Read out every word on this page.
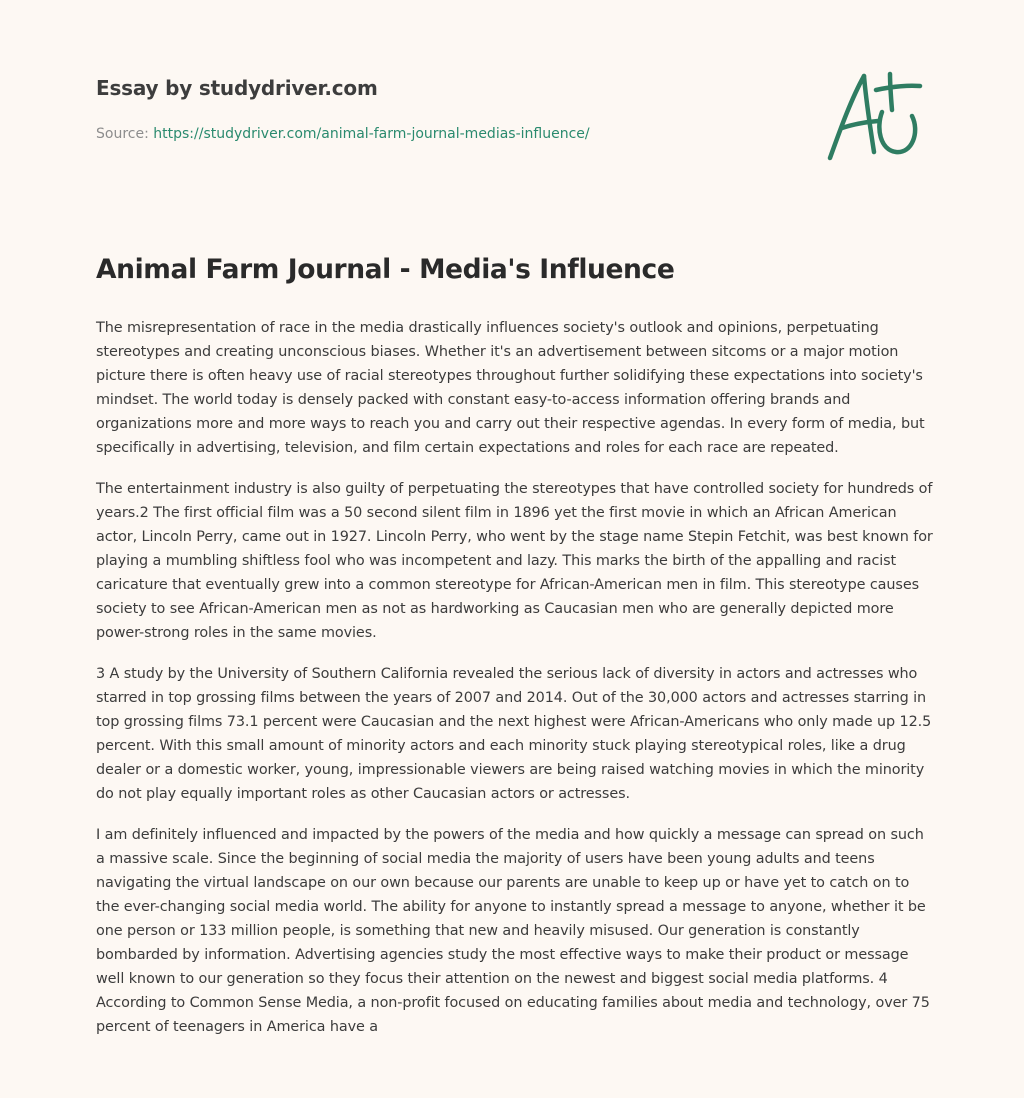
Essay by studydriver.com
Source: https://studydriver.com/animal-farm-journal-medias-influence/
Animal Farm Journal - Media's Influence

The misrepresentation of race in the media drastically influences society's outlook and opinions, perpetuating stereotypes and creating unconscious biases. Whether it's an advertisement between sitcoms or a major motion picture there is often heavy use of racial stereotypes throughout further solidifying these expectations into society's mindset. The world today is densely packed with constant easy-to-access information offering brands and organizations more and more ways to reach you and carry out their respective agendas. In every form of media, but specifically in advertising, television, and film certain expectations and roles for each race are repeated.

The entertainment industry is also guilty of perpetuating the stereotypes that have controlled society for hundreds of years.2 The first official film was a 50 second silent film in 1896 yet the first movie in which an African American actor, Lincoln Perry, came out in 1927. Lincoln Perry, who went by the stage name Stepin Fetchit, was best known for playing a mumbling shiftless fool who was incompetent and lazy. This marks the birth of the appalling and racist caricature that eventually grew into a common stereotype for African-American men in film. This stereotype causes society to see African-American men as not as hardworking as Caucasian men who are generally depicted more power-strong roles in the same movies.

3 A study by the University of Southern California revealed the serious lack of diversity in actors and actresses who starred in top grossing films between the years of 2007 and 2014. Out of the 30,000 actors and actresses starring in top grossing films 73.1 percent were Caucasian and the next highest were African-Americans who only made up 12.5 percent. With this small amount of minority actors and each minority stuck playing stereotypical roles, like a drug dealer or a domestic worker, young, impressionable viewers are being raised watching movies in which the minority do not play equally important roles as other Caucasian actors or actresses.

I am definitely influenced and impacted by the powers of the media and how quickly a message can spread on such a massive scale. Since the beginning of social media the majority of users have been young adults and teens navigating the virtual landscape on our own because our parents are unable to keep up or have yet to catch on to the ever-changing social media world. The ability for anyone to instantly spread a message to anyone, whether it be one person or 133 million people, is something that new and heavily misused. Our generation is constantly bombarded by information. Advertising agencies study the most effective ways to make their product or message well known to our generation so they focus their attention on the newest and biggest social media platforms. 4 According to Common Sense Media, a non-profit focused on educating families about media and technology, over 75 percent of teenagers in America have a
